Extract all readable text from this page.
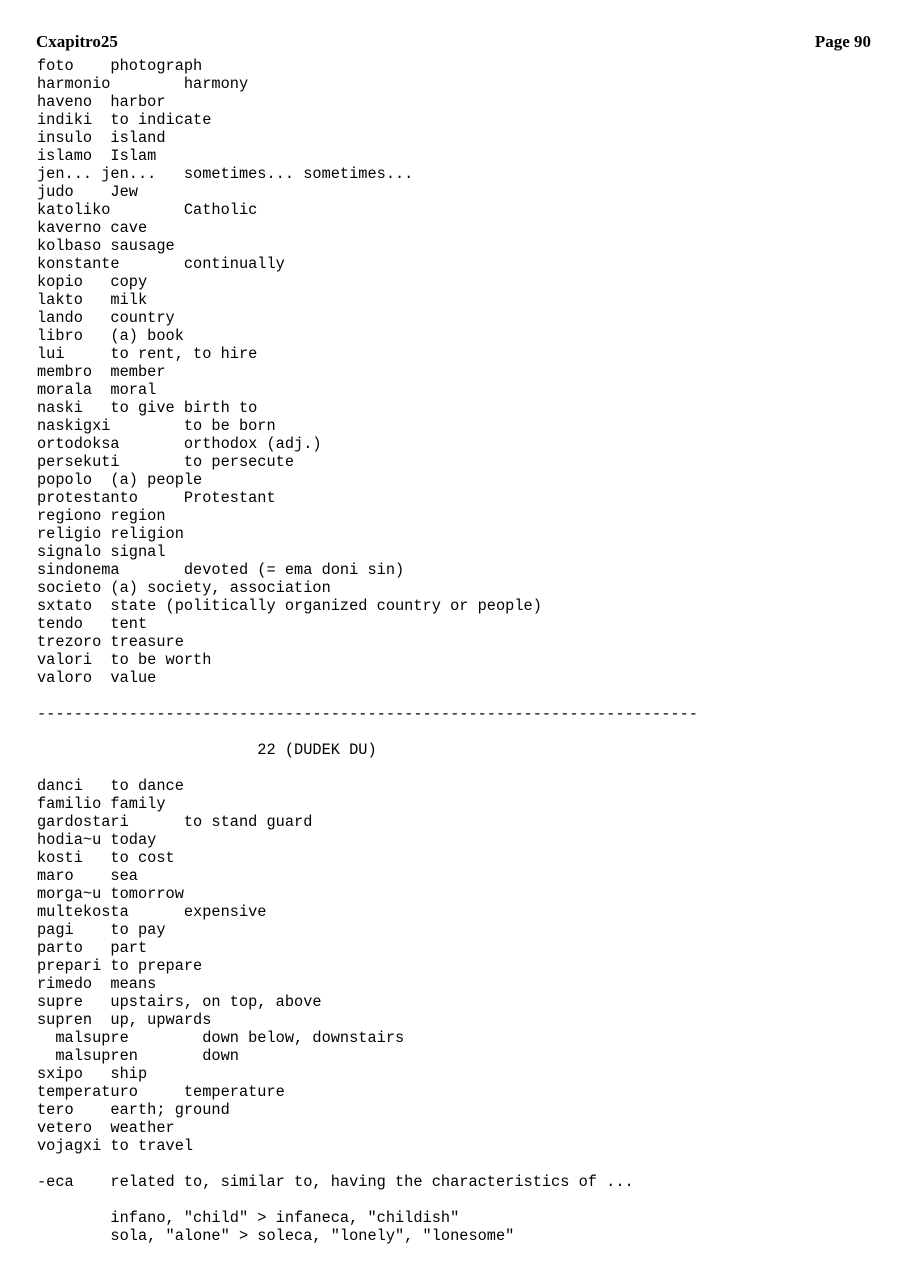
Cxapitro25	Page 90
foto    photograph
harmonio        harmony
haveno  harbor
indiki  to indicate
insulo  island
islamo  Islam
jen... jen...   sometimes... sometimes...
judo    Jew
katoliko        Catholic
kaverno cave
kolbaso sausage
konstante       continually
kopio   copy
lakto   milk
lando   country
libro   (a) book
lui     to rent, to hire
membro  member
morala  moral
naski   to give birth to
naskigxi        to be born
ortodoksa       orthodox (adj.)
persekuti       to persecute
popolo  (a) people
protestanto     Protestant
regiono region
religio religion
signalo signal
sindonema       devoted (= ema doni sin)
societo (a) society, association
sxtato  state (politically organized country or people)
tendo   tent
trezoro treasure
valori  to be worth
valoro  value
------------------------------------------------------------------------
22 (DUDEK DU)
danci   to dance
familio family
gardostari      to stand guard
hodia~u today
kosti   to cost
maro    sea
morga~u tomorrow
multekosta      expensive
pagi    to pay
parto   part
prepari to prepare
rimedo  means
supre   upstairs, on top, above
supren  up, upwards
malsupre        down below, downstairs
malsupren       down
sxipo   ship
temperaturo     temperature
tero    earth; ground
vetero  weather
vojagxi to travel
-eca    related to, similar to, having the characteristics of ...
infano, "child" > infaneca, "childish"
sola, "alone" > soleca, "lonely", "lonesome"
